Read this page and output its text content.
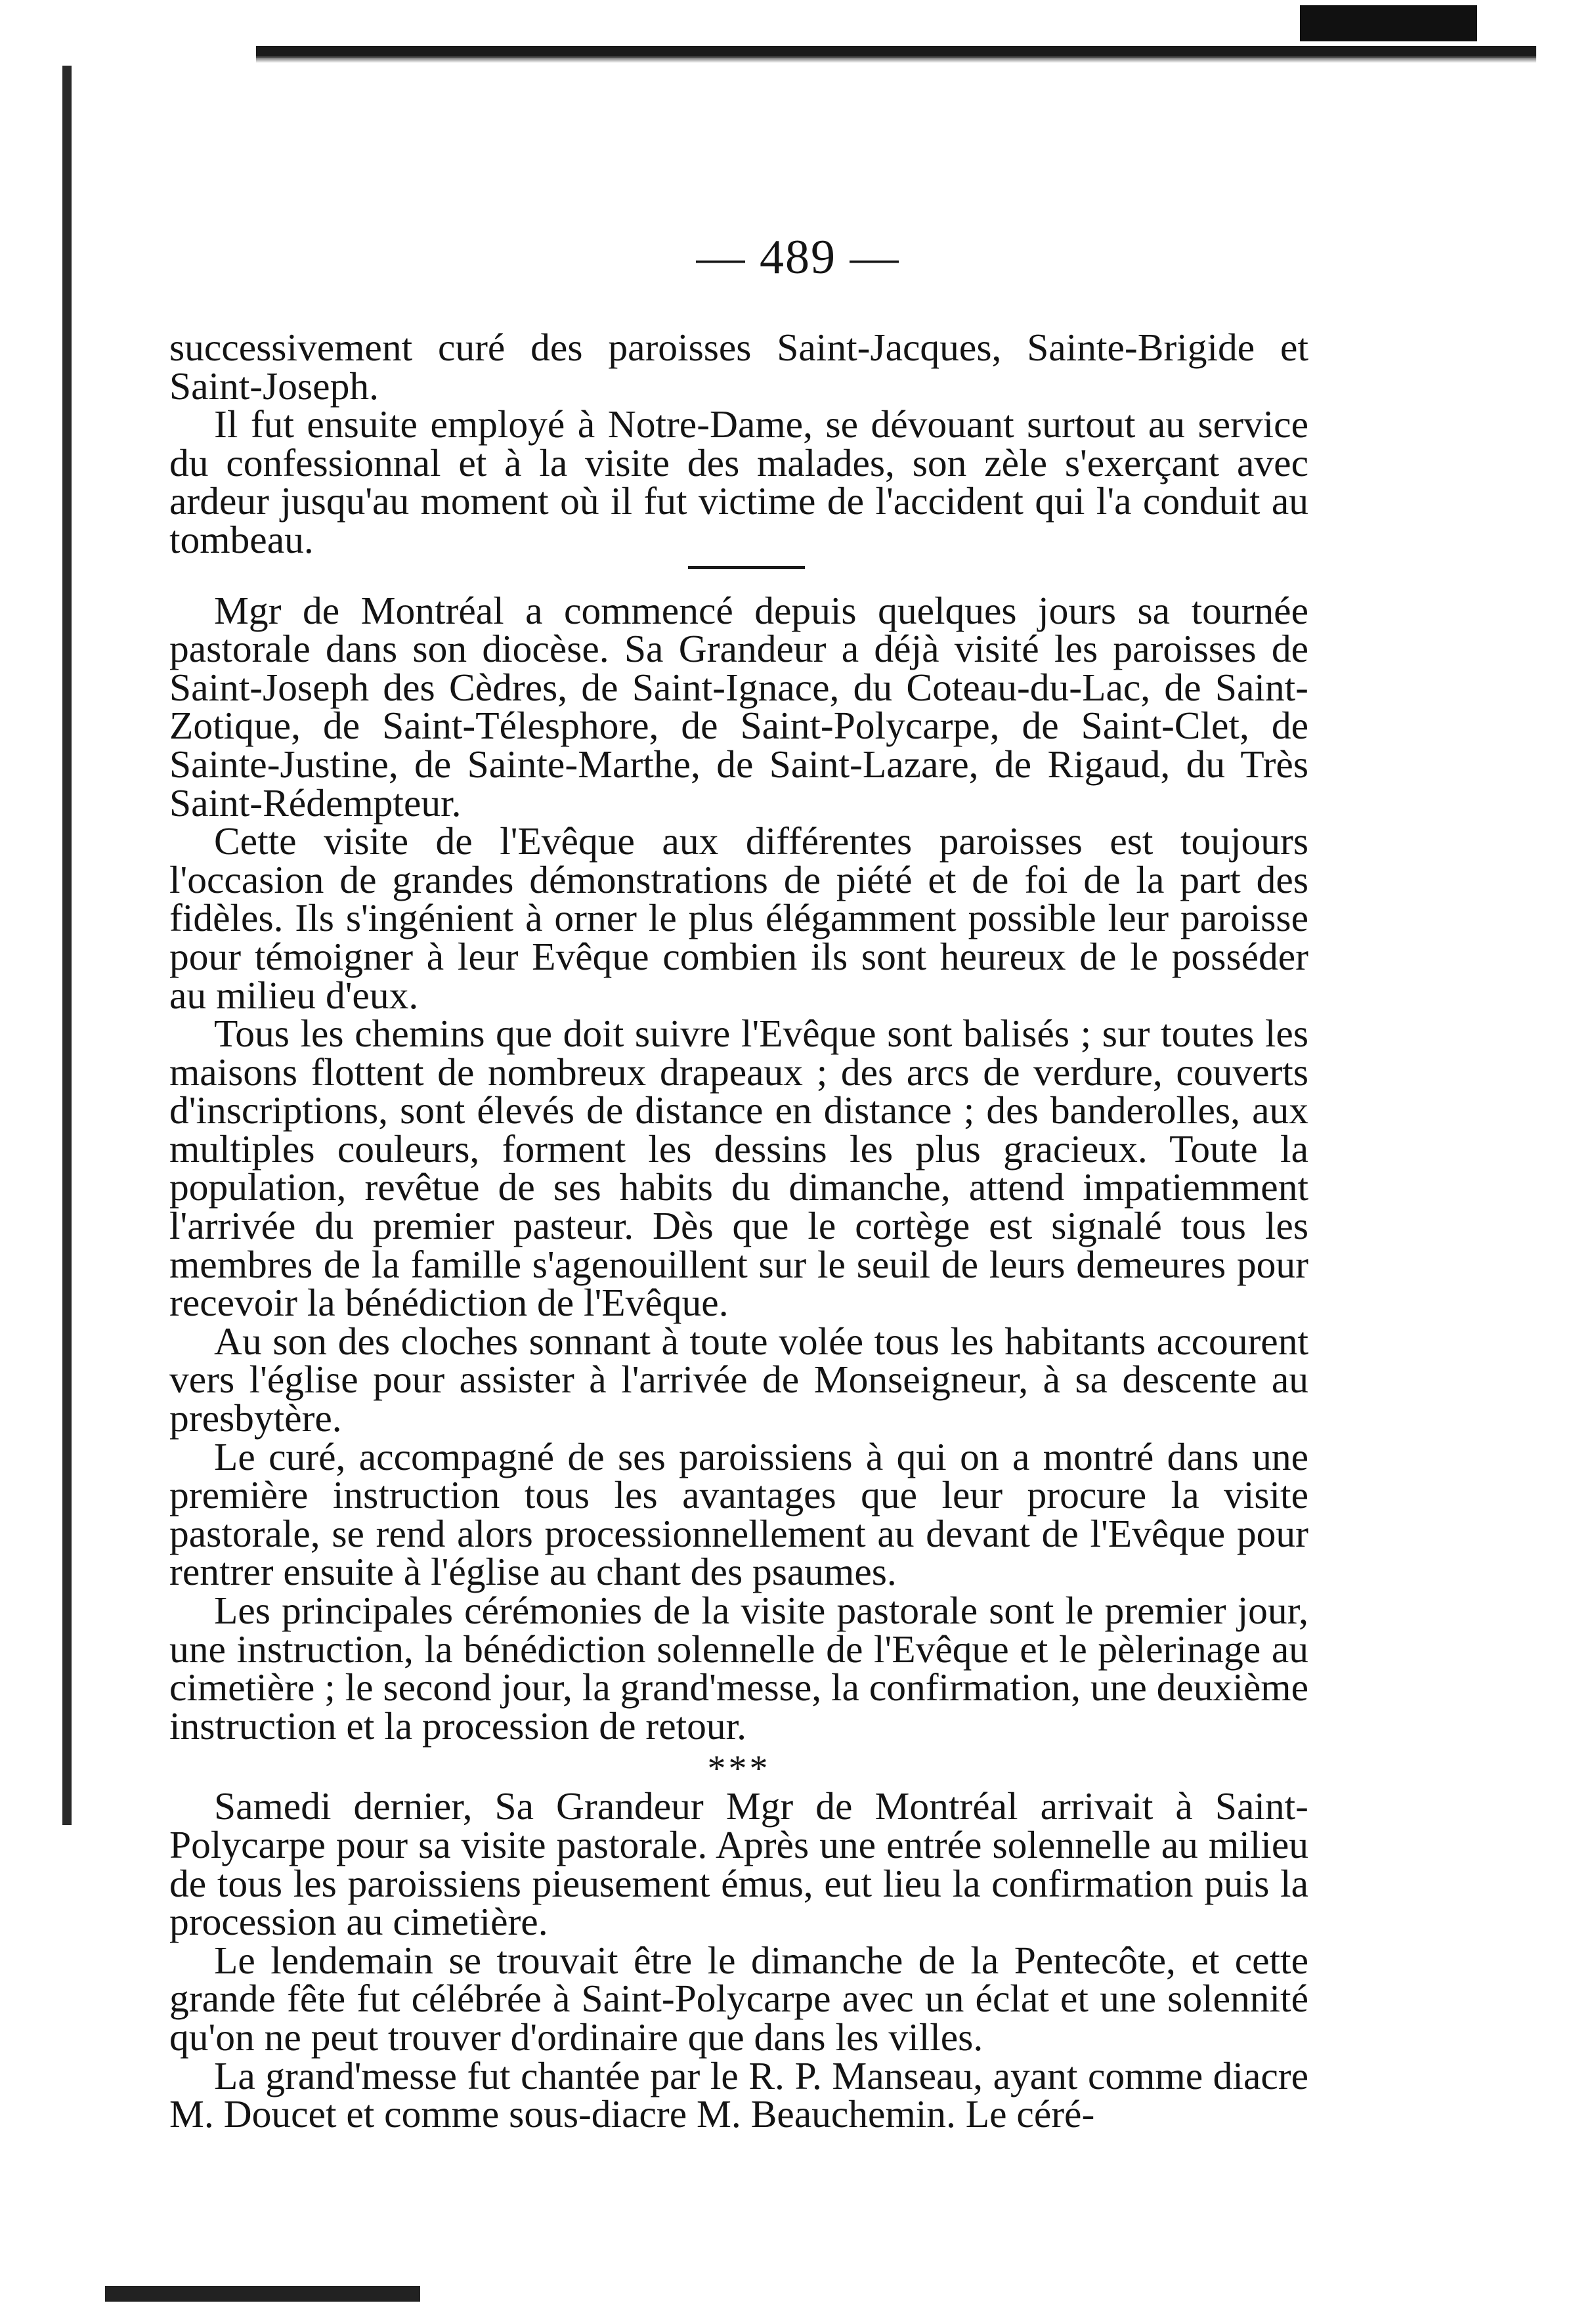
— 489 —

successivement curé des paroisses Saint-Jacques, Sainte-Brigide et Saint-Joseph.

Il fut ensuite employé à Notre-Dame, se dévouant surtout au service du confessionnal et à la visite des malades, son zèle s'exerçant avec ardeur jusqu'au moment où il fut victime de l'accident qui l'a conduit au tombeau.

Mgr de Montréal a commencé depuis quelques jours sa tournée pastorale dans son diocèse. Sa Grandeur a déjà visité les paroisses de Saint-Joseph des Cèdres, de Saint-Ignace, du Coteau-du-Lac, de Saint-Zotique, de Saint-Télesphore, de Saint-Polycarpe, de Saint-Clet, de Sainte-Justine, de Sainte-Marthe, de Saint-Lazare, de Rigaud, du Très Saint-Rédempteur.

Cette visite de l'Evêque aux différentes paroisses est toujours l'occasion de grandes démonstrations de piété et de foi de la part des fidèles. Ils s'ingénient à orner le plus élégamment possible leur paroisse pour témoigner à leur Evêque combien ils sont heureux de le posséder au milieu d'eux.

Tous les chemins que doit suivre l'Evêque sont balisés ; sur toutes les maisons flottent de nombreux drapeaux ; des arcs de verdure, couverts d'inscriptions, sont élevés de distance en distance ; des banderolles, aux multiples couleurs, forment les dessins les plus gracieux. Toute la population, revêtue de ses habits du dimanche, attend impatiemment l'arrivée du premier pasteur. Dès que le cortège est signalé tous les membres de la famille s'agenouillent sur le seuil de leurs demeures pour recevoir la bénédiction de l'Evêque.

Au son des cloches sonnant à toute volée tous les habitants accourent vers l'église pour assister à l'arrivée de Monseigneur, à sa descente au presbytère.

Le curé, accompagné de ses paroissiens à qui on a montré dans une première instruction tous les avantages que leur procure la visite pastorale, se rend alors processionnellement au devant de l'Evêque pour rentrer ensuite à l'église au chant des psaumes.

Les principales cérémonies de la visite pastorale sont le premier jour, une instruction, la bénédiction solennelle de l'Evêque et le pèlerinage au cimetière ; le second jour, la grand'messe, la confirmation, une deuxième instruction et la procession de retour.

***

Samedi dernier, Sa Grandeur Mgr de Montréal arrivait à Saint-Polycarpe pour sa visite pastorale. Après une entrée solennelle au milieu de tous les paroissiens pieusement émus, eut lieu la confirmation puis la procession au cimetière.

Le lendemain se trouvait être le dimanche de la Pentecôte, et cette grande fête fut célébrée à Saint-Polycarpe avec un éclat et une solennité qu'on ne peut trouver d'ordinaire que dans les villes.

La grand'messe fut chantée par le R. P. Manseau, ayant comme diacre M. Doucet et comme sous-diacre M. Beauchemin. Le céré-
